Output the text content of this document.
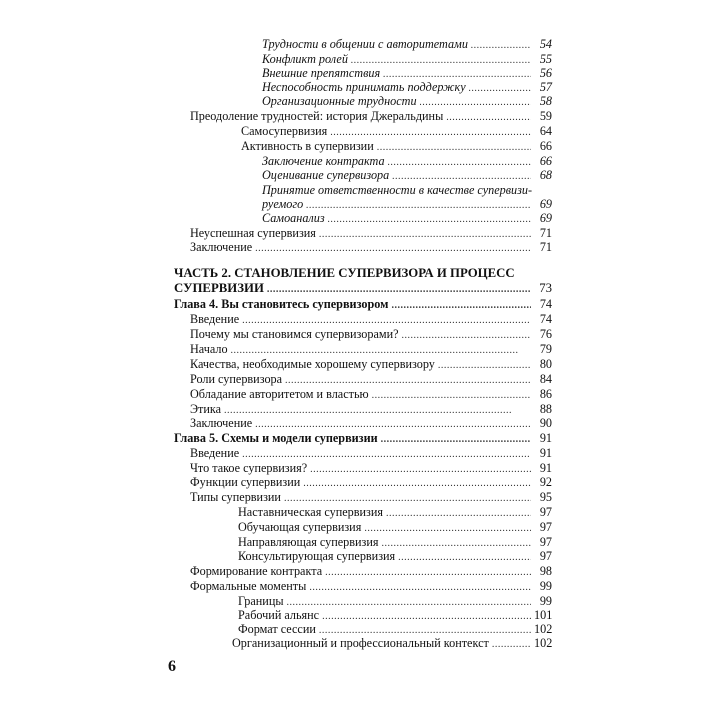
Трудности в общении с авторитетами . . .	54
Конфликт ролей . . .	55
Внешние препятствия . . .	56
Неспособность принимать поддержку . . .	57
Организационные трудности . . .	58
Преодоление трудностей: история Джеральдины . . .	59
Самосупервизия . . .	64
Активность в супервизии . . .	66
Заключение контракта . . .	66
Оценивание супервизора . . .	68
Принятие ответственности в качестве супервизи-
руемого . . .	69
Самоанализ . . .	69
Неуспешная супервизия . . .	71
Заключение . . .	71
ЧАСТЬ 2. СТАНОВЛЕНИЕ СУПЕРВИЗОРА И ПРОЦЕСС
СУПЕРВИЗИИ . . .	73
Глава 4. Вы становитесь супервизором . . .	74
Введение . . .	74
Почему мы становимся супервизорами? . . .	76
Начало . . .	79
Качества, необходимые хорошему супервизору . . .	80
Роли супервизора . . .	84
Обладание авторитетом и властью . . .	86
Этика . . .	88
Заключение . . .	90
Глава 5. Схемы и модели супервизии . . .	91
Введение . . .	91
Что такое супервизия? . . .	91
Функции супервизии . . .	92
Типы супервизии . . .	95
Наставническая супервизия . . .	97
Обучающая супервизия . . .	97
Направляющая супервизия . . .	97
Консультирующая супервизия . . .	97
Формирование контракта . . .	98
Формальные моменты . . .	99
Границы . . .	99
Рабочий альянс . . .	101
Формат сессии . . .	102
Организационный и профессиональный контекст . . .	102
6
